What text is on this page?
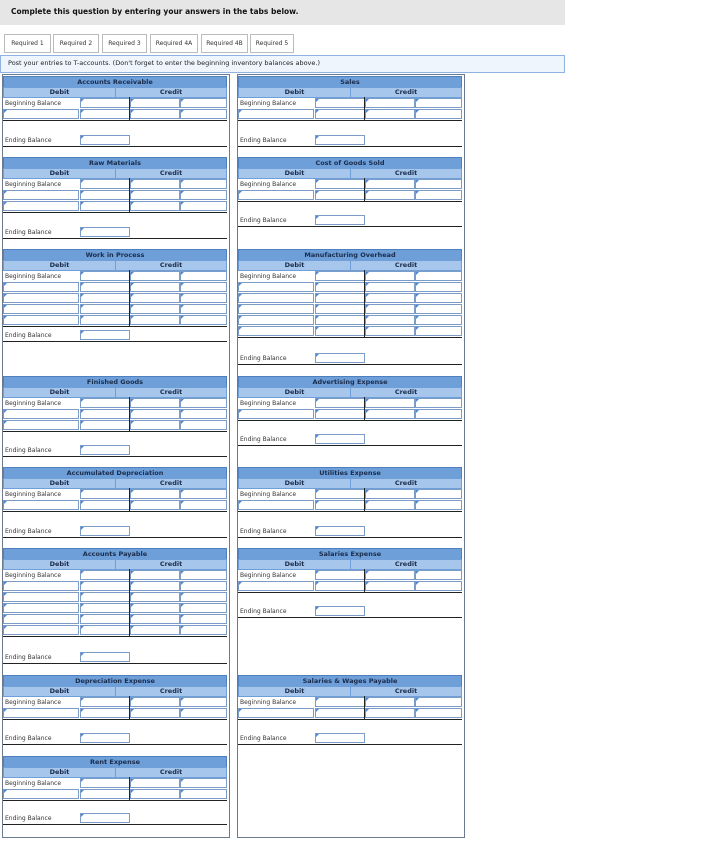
Complete this question by entering your answers in the tabs below.
Required 1	Required 2	Required 3	Required 4A	Required 4B	Required 5
Post your entries to T-accounts. (Don't forget to enter the beginning inventory balances above.)
Accounts Receivable
Debit	Credit
Beginning Balance
Ending Balance
Sales
Debit	Credit
Beginning Balance
Ending Balance
Raw Materials
Debit	Credit
Beginning Balance
Ending Balance
Cost of Goods Sold
Debit	Credit
Beginning Balance
Ending Balance
Work in Process
Debit	Credit
Beginning Balance
Ending Balance
Manufacturing Overhead
Debit	Credit
Beginning Balance
Ending Balance
Finished Goods
Debit	Credit
Beginning Balance
Ending Balance
Advertising Expense
Debit	Credit
Beginning Balance
Ending Balance
Accumulated Depreciation
Debit	Credit
Beginning Balance
Ending Balance
Utilities Expense
Debit	Credit
Beginning Balance
Ending Balance
Accounts Payable
Debit	Credit
Beginning Balance
Ending Balance
Salaries Expense
Debit	Credit
Beginning Balance
Ending Balance
Depreciation Expense
Debit	Credit
Beginning Balance
Ending Balance
Salaries & Wages Payable
Debit	Credit
Beginning Balance
Ending Balance
Rent Expense
Debit	Credit
Beginning Balance
Ending Balance
